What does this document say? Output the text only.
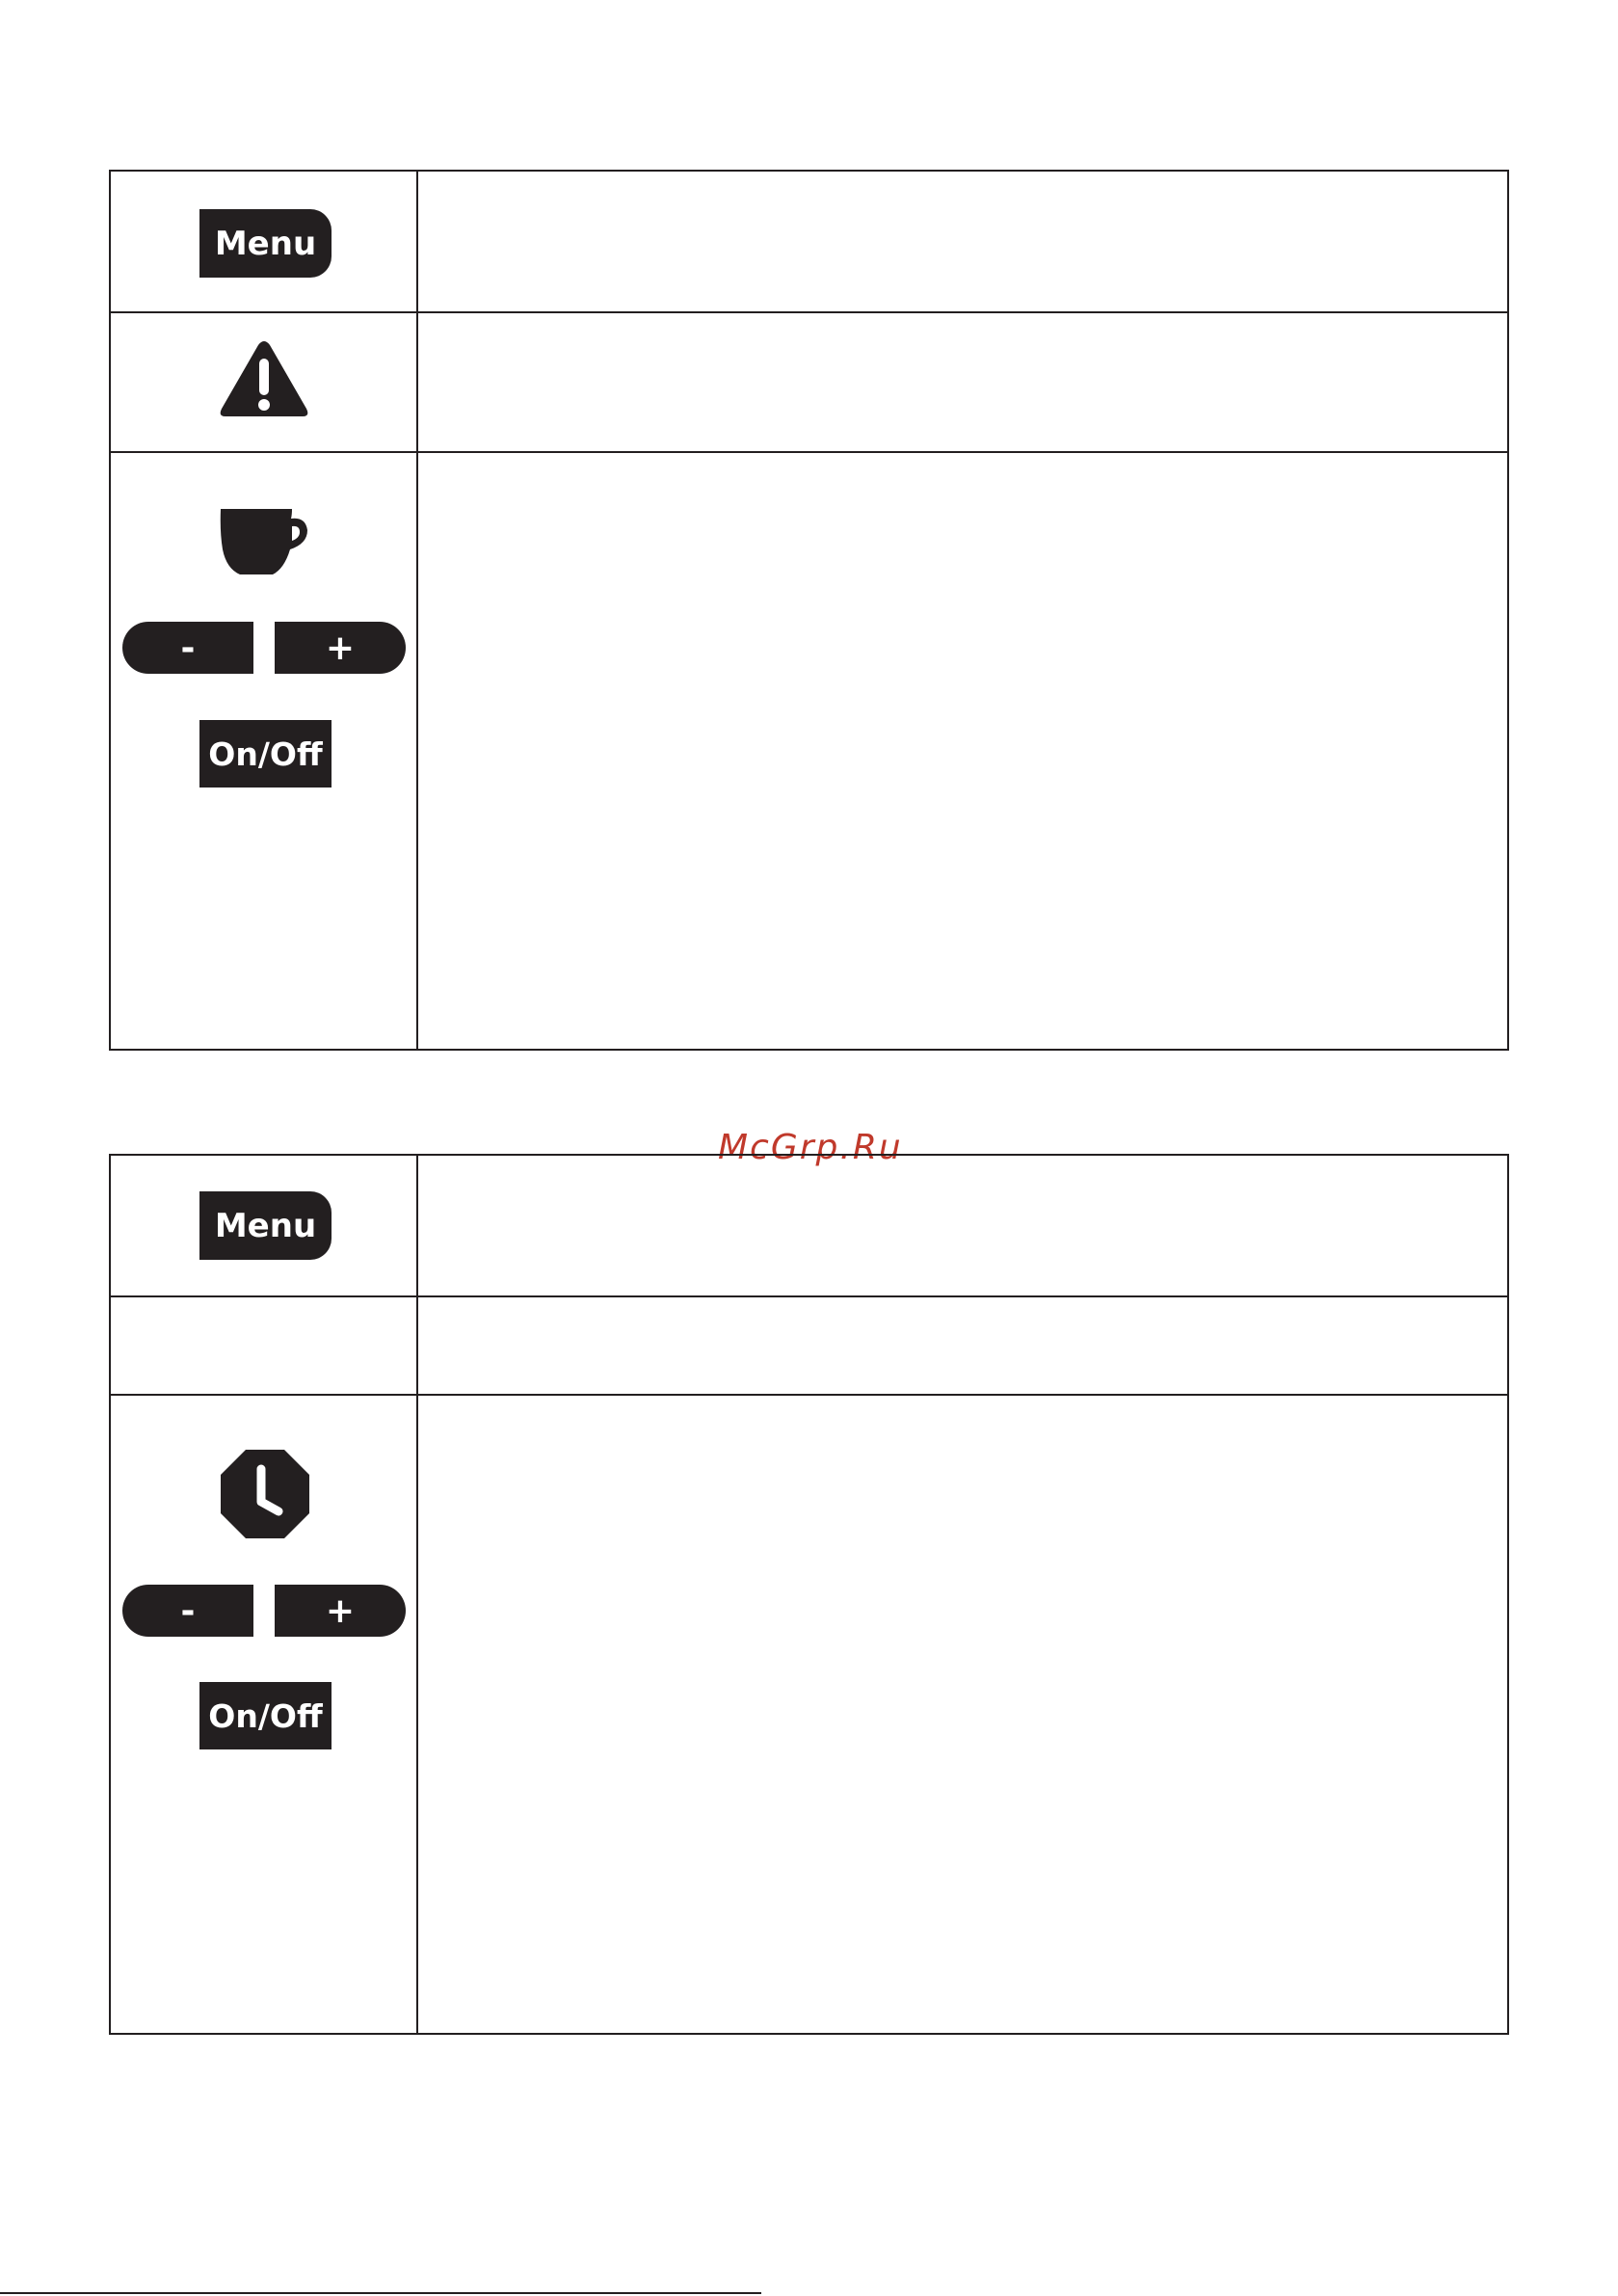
Menu
-	+
On/Off
McGrp.Ru
Menu
-	+
On/Off
